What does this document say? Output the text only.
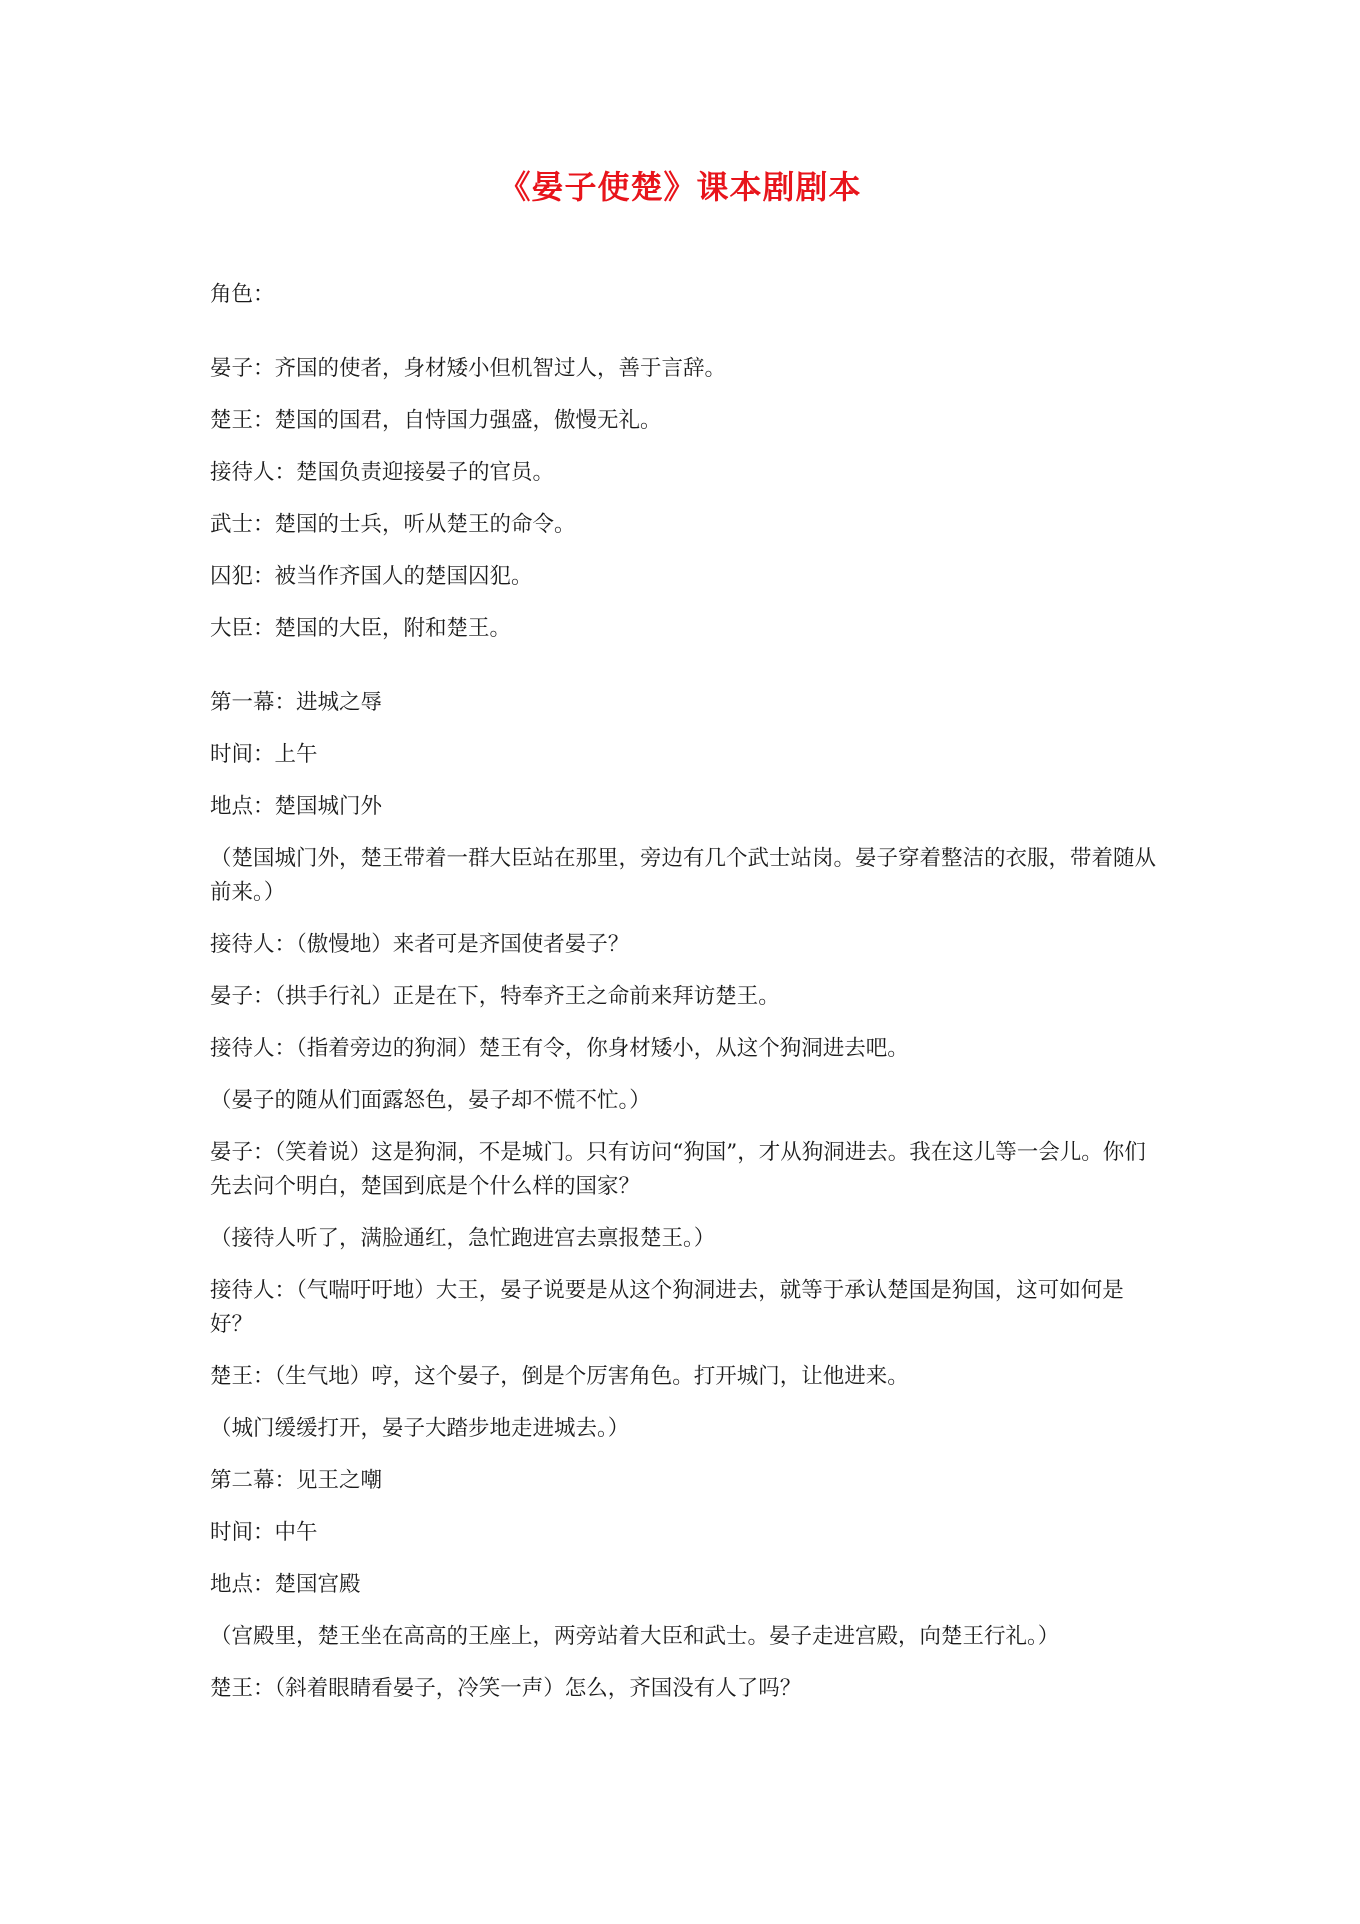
《晏子使楚》课本剧剧本
角色：
晏子：齐国的使者，身材矮小但机智过人，善于言辞。
楚王：楚国的国君，自恃国力强盛，傲慢无礼。
接待人：楚国负责迎接晏子的官员。
武士：楚国的士兵，听从楚王的命令。
囚犯：被当作齐国人的楚国囚犯。
大臣：楚国的大臣，附和楚王。
第一幕：进城之辱
时间：上午
地点：楚国城门外
（楚国城门外，楚王带着一群大臣站在那里，旁边有几个武士站岗。晏子穿着整洁的衣服，带着随从前来。）
接待人：（傲慢地）来者可是齐国使者晏子？
晏子：（拱手行礼）正是在下，特奉齐王之命前来拜访楚王。
接待人：（指着旁边的狗洞）楚王有令，你身材矮小，从这个狗洞进去吧。
（晏子的随从们面露怒色，晏子却不慌不忙。）
晏子：（笑着说）这是狗洞，不是城门。只有访问“狗国”，才从狗洞进去。我在这儿等一会儿。你们先去问个明白，楚国到底是个什么样的国家？
（接待人听了，满脸通红，急忙跑进宫去禀报楚王。）
接待人：（气喘吁吁地）大王，晏子说要是从这个狗洞进去，就等于承认楚国是狗国，这可如何是好？
楚王：（生气地）哼，这个晏子，倒是个厉害角色。打开城门，让他进来。
（城门缓缓打开，晏子大踏步地走进城去。）
第二幕：见王之嘲
时间：中午
地点：楚国宫殿
（宫殿里，楚王坐在高高的王座上，两旁站着大臣和武士。晏子走进宫殿，向楚王行礼。）
楚王：（斜着眼睛看晏子，冷笑一声）怎么，齐国没有人了吗？
